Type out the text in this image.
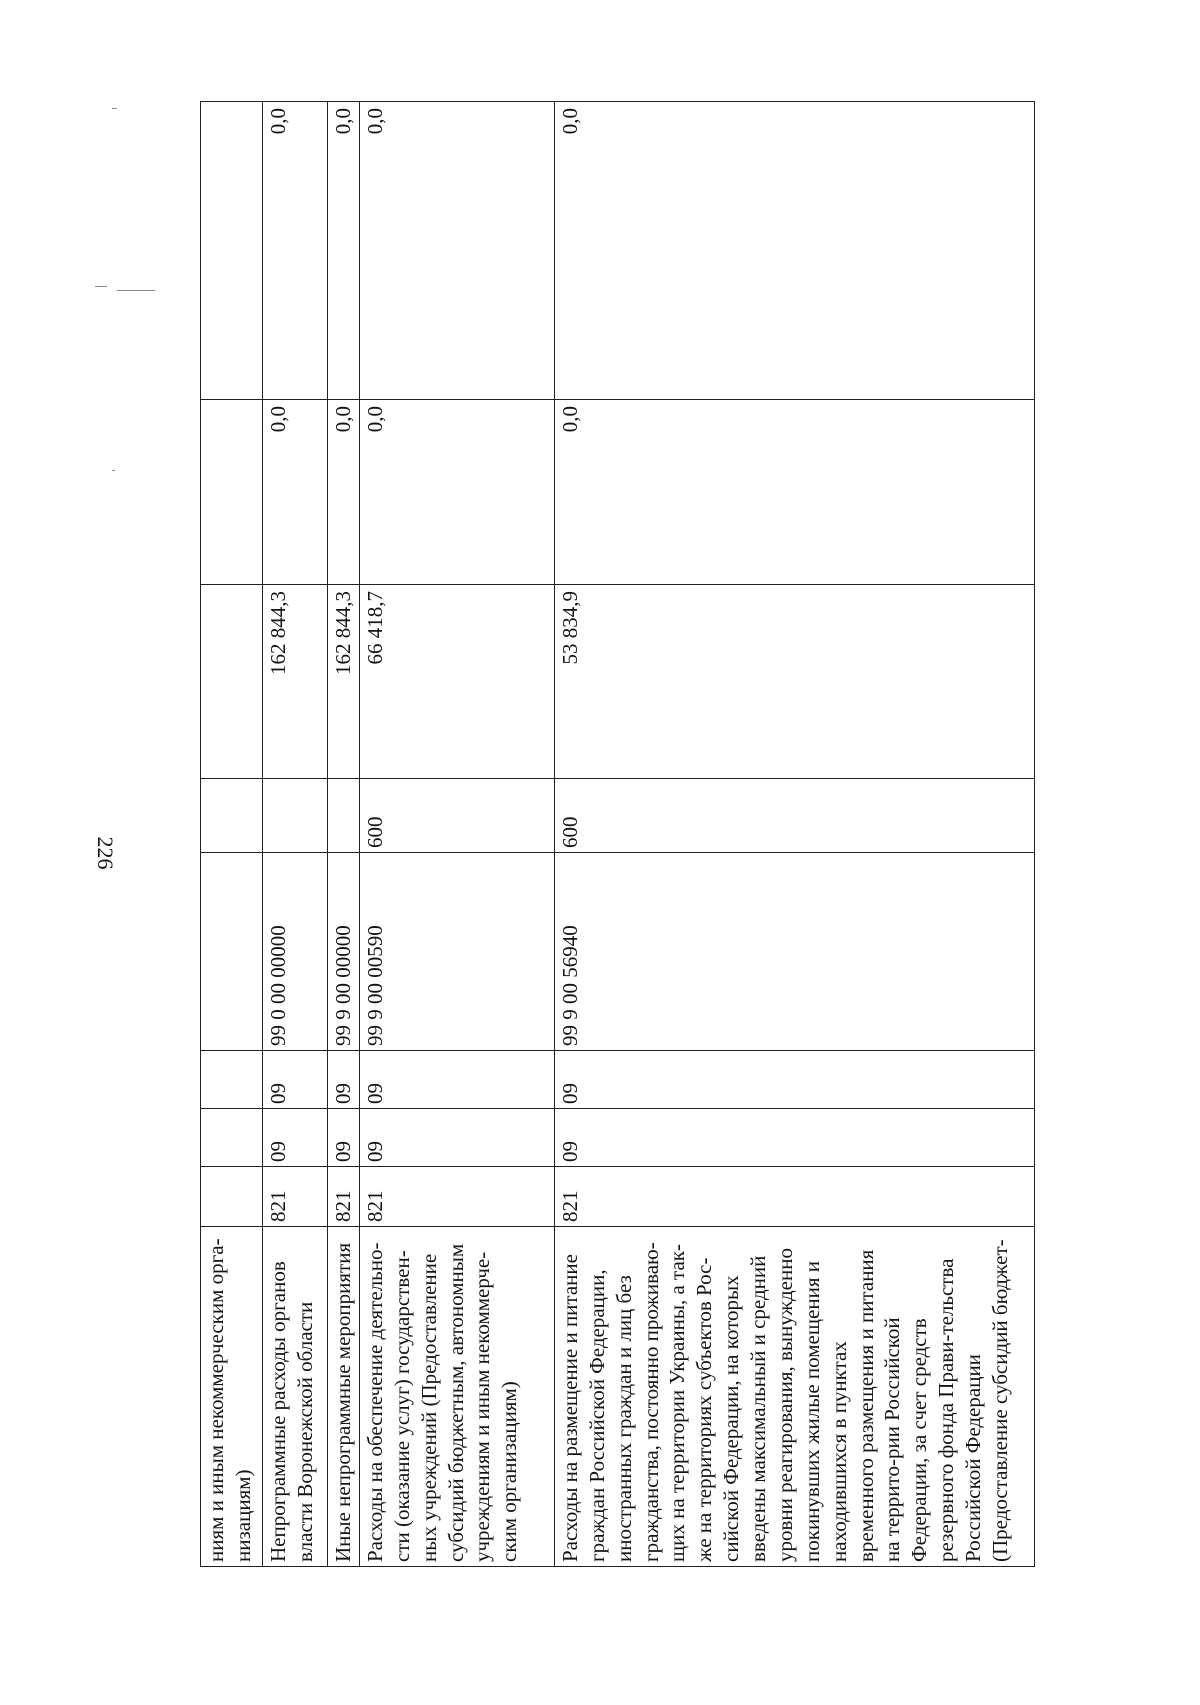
226
ниям и иным некоммерческим орга-низациям)								
Непрограммные расходы органов власти Воронежской области	821	09	09	99 0 00 00000		162 844,3	0,0	0,0
Иные непрограммные мероприятия	821	09	09	99 9 00 00000		162 844,3	0,0	0,0
Расходы на обеспечение деятельно-сти (оказание услуг) государствен-ных учреждений (Предоставление субсидий бюджетным, автономным учреждениям и иным некоммерче-ским организациям)	821	09	09	99 9 00 00590	600	66 418,7	0,0	0,0
Расходы на размещение и питание граждан Российской Федерации, иностранных граждан и лиц без гражданства, постоянно проживаю-щих на территории Украины, а так-же на территориях субъектов Рос-сийской Федерации, на которых введены максимальный и средний уровни реагирования, вынужденно покинувших жилые помещения и находившихся в пунктах временного размещения и питания на террито-рии Российской Федерации, за счет средств резервного фонда Прави-тельства Российской Федерации (Предоставление субсидий бюджет-	821	09	09	99 9 00 56940	600	53 834,9	0,0	0,0
